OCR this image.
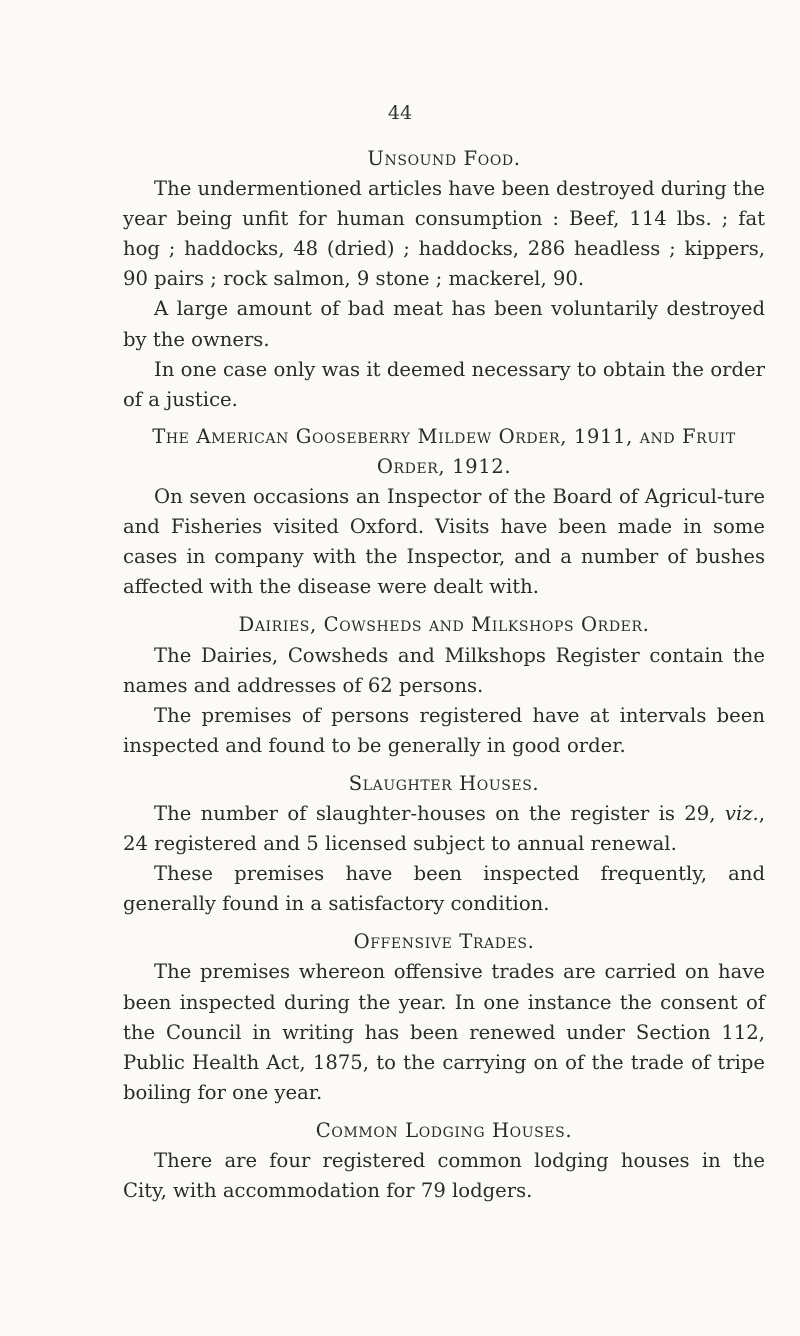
44

Unsound Food.

The undermentioned articles have been destroyed during the year being unfit for human consumption : Beef, 114 lbs. ; fat hog ; haddocks, 48 (dried) ; haddocks, 286 headless ; kippers, 90 pairs ; rock salmon, 9 stone ; mackerel, 90.

A large amount of bad meat has been voluntarily destroyed by the owners.

In one case only was it deemed necessary to obtain the order of a justice.

The American Gooseberry Mildew Order, 1911, and Fruit Order, 1912.

On seven occasions an Inspector of the Board of Agricul-ture and Fisheries visited Oxford. Visits have been made in some cases in company with the Inspector, and a number of bushes affected with the disease were dealt with.

Dairies, Cowsheds and Milkshops Order.

The Dairies, Cowsheds and Milkshops Register contain the names and addresses of 62 persons.

The premises of persons registered have at intervals been inspected and found to be generally in good order.

Slaughter Houses.

The number of slaughter-houses on the register is 29, viz., 24 registered and 5 licensed subject to annual renewal.

These premises have been inspected frequently, and generally found in a satisfactory condition.

Offensive Trades.

The premises whereon offensive trades are carried on have been inspected during the year. In one instance the consent of the Council in writing has been renewed under Section 112, Public Health Act, 1875, to the carrying on of the trade of tripe boiling for one year.

Common Lodging Houses.

There are four registered common lodging houses in the City, with accommodation for 79 lodgers.
